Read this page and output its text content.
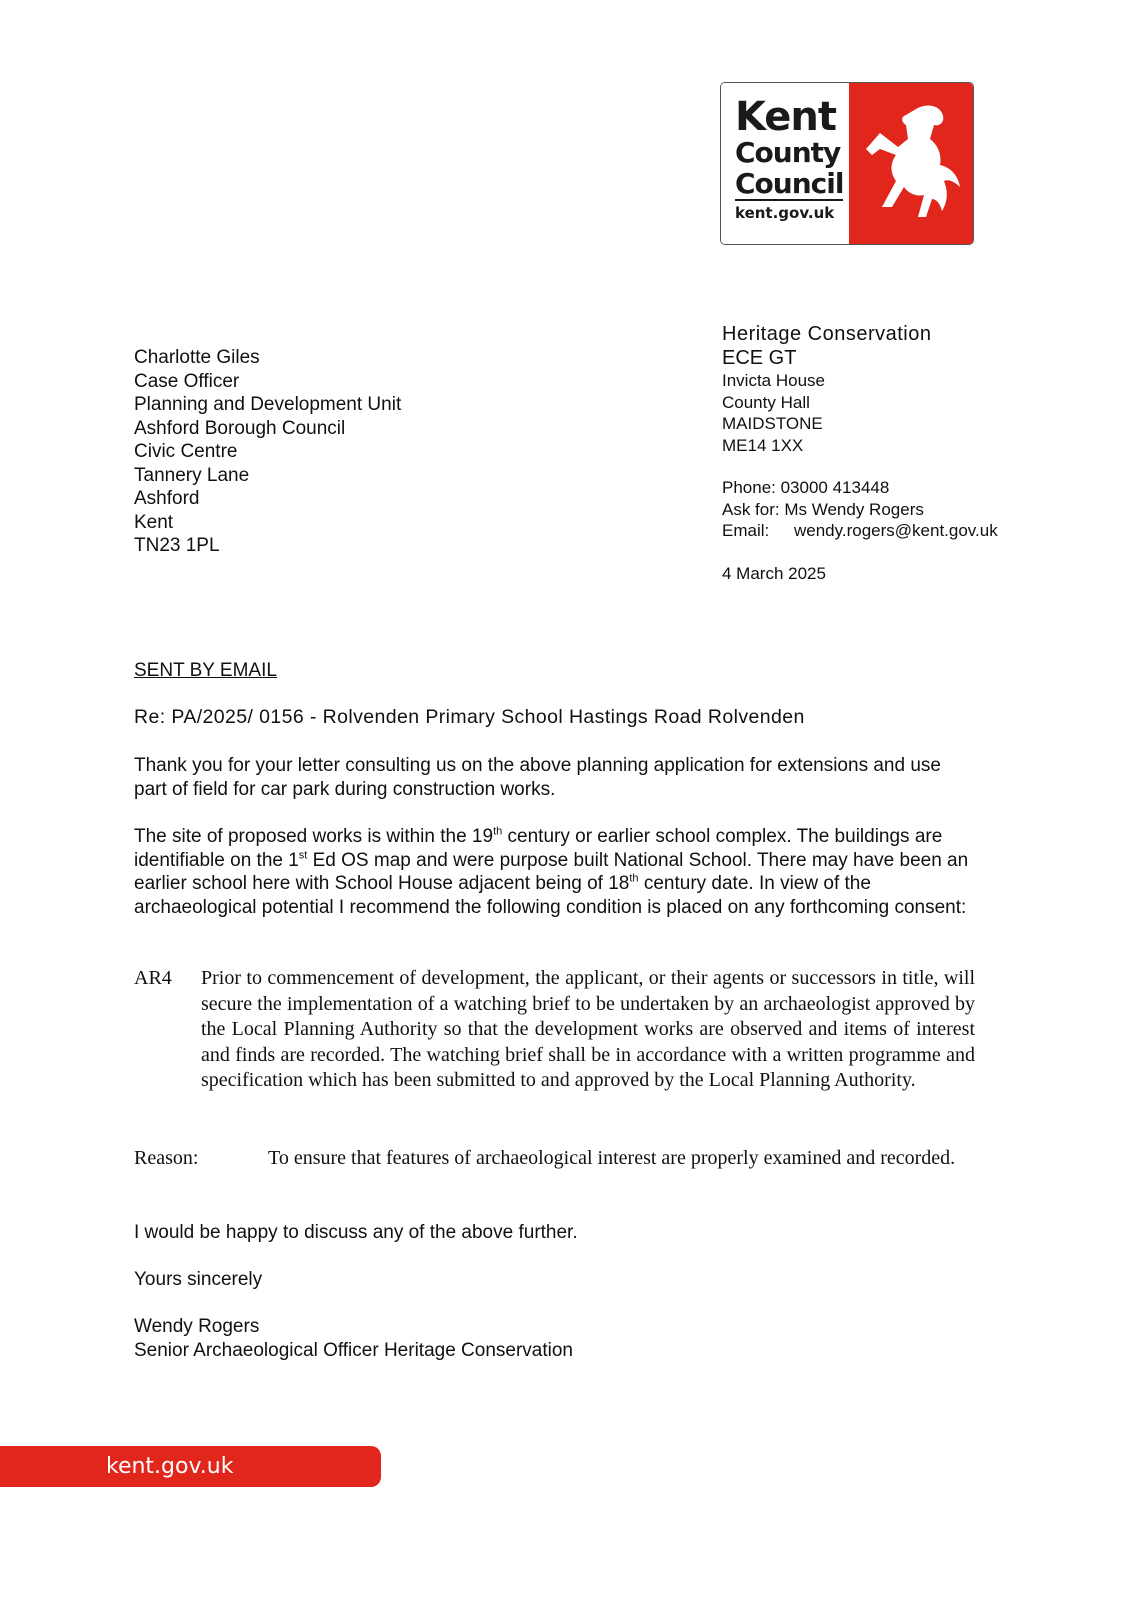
Kent
County
Council
kent.gov.uk
Heritage Conservation
ECE GT
Invicta House
County Hall
MAIDSTONE
ME14 1XX
Phone: 03000 413448
Ask for: Ms Wendy Rogers
Email: wendy.rogers@kent.gov.uk
4 March 2025
Charlotte Giles
Case Officer
Planning and Development Unit
Ashford Borough Council
Civic Centre
Tannery Lane
Ashford
Kent
TN23 1PL
SENT BY EMAIL
Re: PA/2025/ 0156 - Rolvenden Primary School Hastings Road Rolvenden
Thank you for your letter consulting us on the above planning application for extensions and use part of field for car park during construction works.
The site of proposed works is within the 19th century or earlier school complex. The buildings are identifiable on the 1st Ed OS map and were purpose built National School. There may have been an earlier school here with School House adjacent being of 18th century date. In view of the archaeological potential I recommend the following condition is placed on any forthcoming consent:
AR4	Prior to commencement of development, the applicant, or their agents or successors in title, will secure the implementation of a watching brief to be undertaken by an archaeologist approved by the Local Planning Authority so that the development works are observed and items of interest and finds are recorded. The watching brief shall be in accordance with a written programme and specification which has been submitted to and approved by the Local Planning Authority.
Reason:	To ensure that features of archaeological interest are properly examined and recorded.
I would be happy to discuss any of the above further.
Yours sincerely
Wendy Rogers
Senior Archaeological Officer Heritage Conservation
kent.gov.uk
